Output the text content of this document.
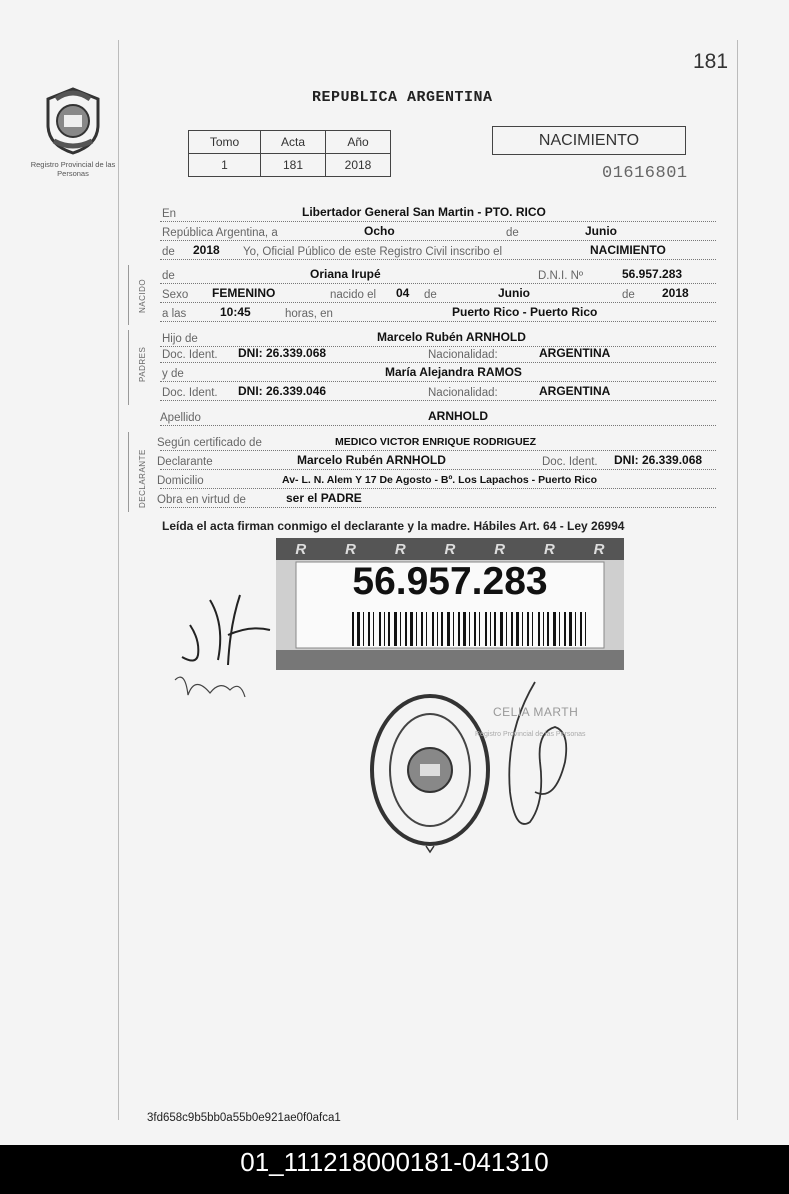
181
Registro Provincial de las Personas
REPUBLICA ARGENTINA
Tomo	Acta	Año
1	181	2018
NACIMIENTO
01616801
En	Libertador General San Martin - PTO. RICO
República Argentina, a	Ocho	de	Junio
de 2018 Yo, Oficial Público de este Registro Civil inscribo el	NACIMIENTO
de	Oriana Irupé	D.N.I. Nº	56.957.283
Sexo FEMENINO	nacido el 04 de	Junio	de 2018
a las	10:45	horas, en	Puerto Rico - Puerto Rico
Hijo de	Marcelo Rubén ARNHOLD
Doc. Ident. DNI: 26.339.068	Nacionalidad:	ARGENTINA
y de	María Alejandra RAMOS
Doc. Ident. DNI: 26.339.046	Nacionalidad:	ARGENTINA
Apellido	ARNHOLD
Según certificado de	MEDICO VICTOR ENRIQUE RODRIGUEZ
Declarante	Marcelo Rubén ARNHOLD	Doc. Ident. DNI: 26.339.068
Domicilio	Av- L. N. Alem Y 17 De Agosto - Bº. Los Lapachos - Puerto Rico
Obra en virtud de	ser el PADRE
NACIDO
PADRES
DECLARANTE
Leída el acta firman conmigo el declarante y la madre. Hábiles Art. 64 - Ley 26994
R	R	R	R	R	R	R
56.957.283
CELIA MARTH
Registro Provincial de las Personas
3fd658c9b5bb0a55b0e921ae0f0afca1
01_111218000181-041310
